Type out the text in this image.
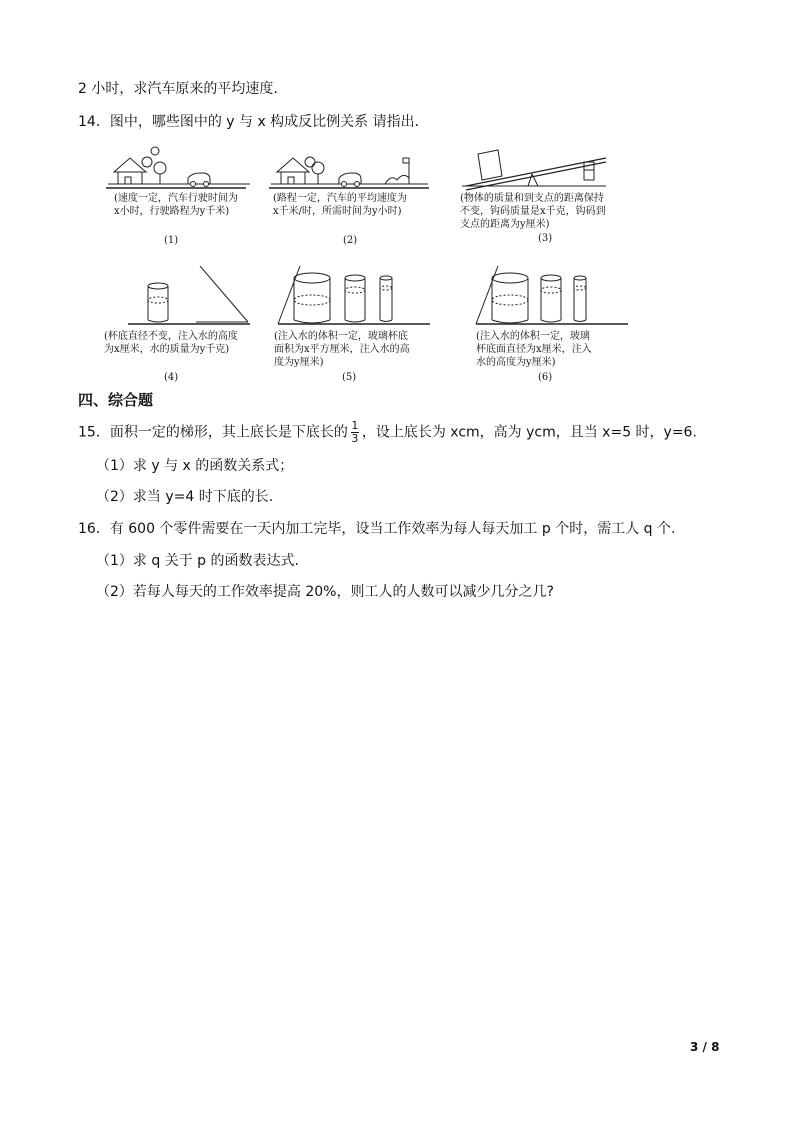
2 小时，求汽车原来的平均速度.
14．图中，哪些图中的 y 与 x 构成反比例关系 请指出．
(速度一定，汽车行驶时间为
x小时，行驶路程为y千米)
(1)
(路程一定，汽车的平均速度为
x千米/时，所需时间为y小时)
(2)
(物体的质量和到支点的距离保持
不变，钩码质量是x千克，钩码到
支点的距离为y厘米)
(3)
(杯底直径不变，注入水的高度
为x厘米，水的质量为y千克)
(4)
(注入水的体积一定，玻璃杯底
面积为x平方厘米，注入水的高
度为y厘米)
(5)
(注入水的体积一定，玻璃
杯底面直径为x厘米，注入
水的高度为y厘米)
(6)
四、综合题
15．面积一定的梯形，其上底长是下底长的 $\frac{1}{3}$ ，设上底长为 xcm，高为 ycm，且当 x=5 时，y=6.
（1）求 y 与 x 的函数关系式；
（2）求当 y=4 时下底的长.
16．有 600 个零件需要在一天内加工完毕，设当工作效率为每人每天加工 p 个时，需工人 q 个.
（1）求 q 关于 p 的函数表达式.
（2）若每人每天的工作效率提高 20%，则工人的人数可以减少几分之几?
3 / 8
